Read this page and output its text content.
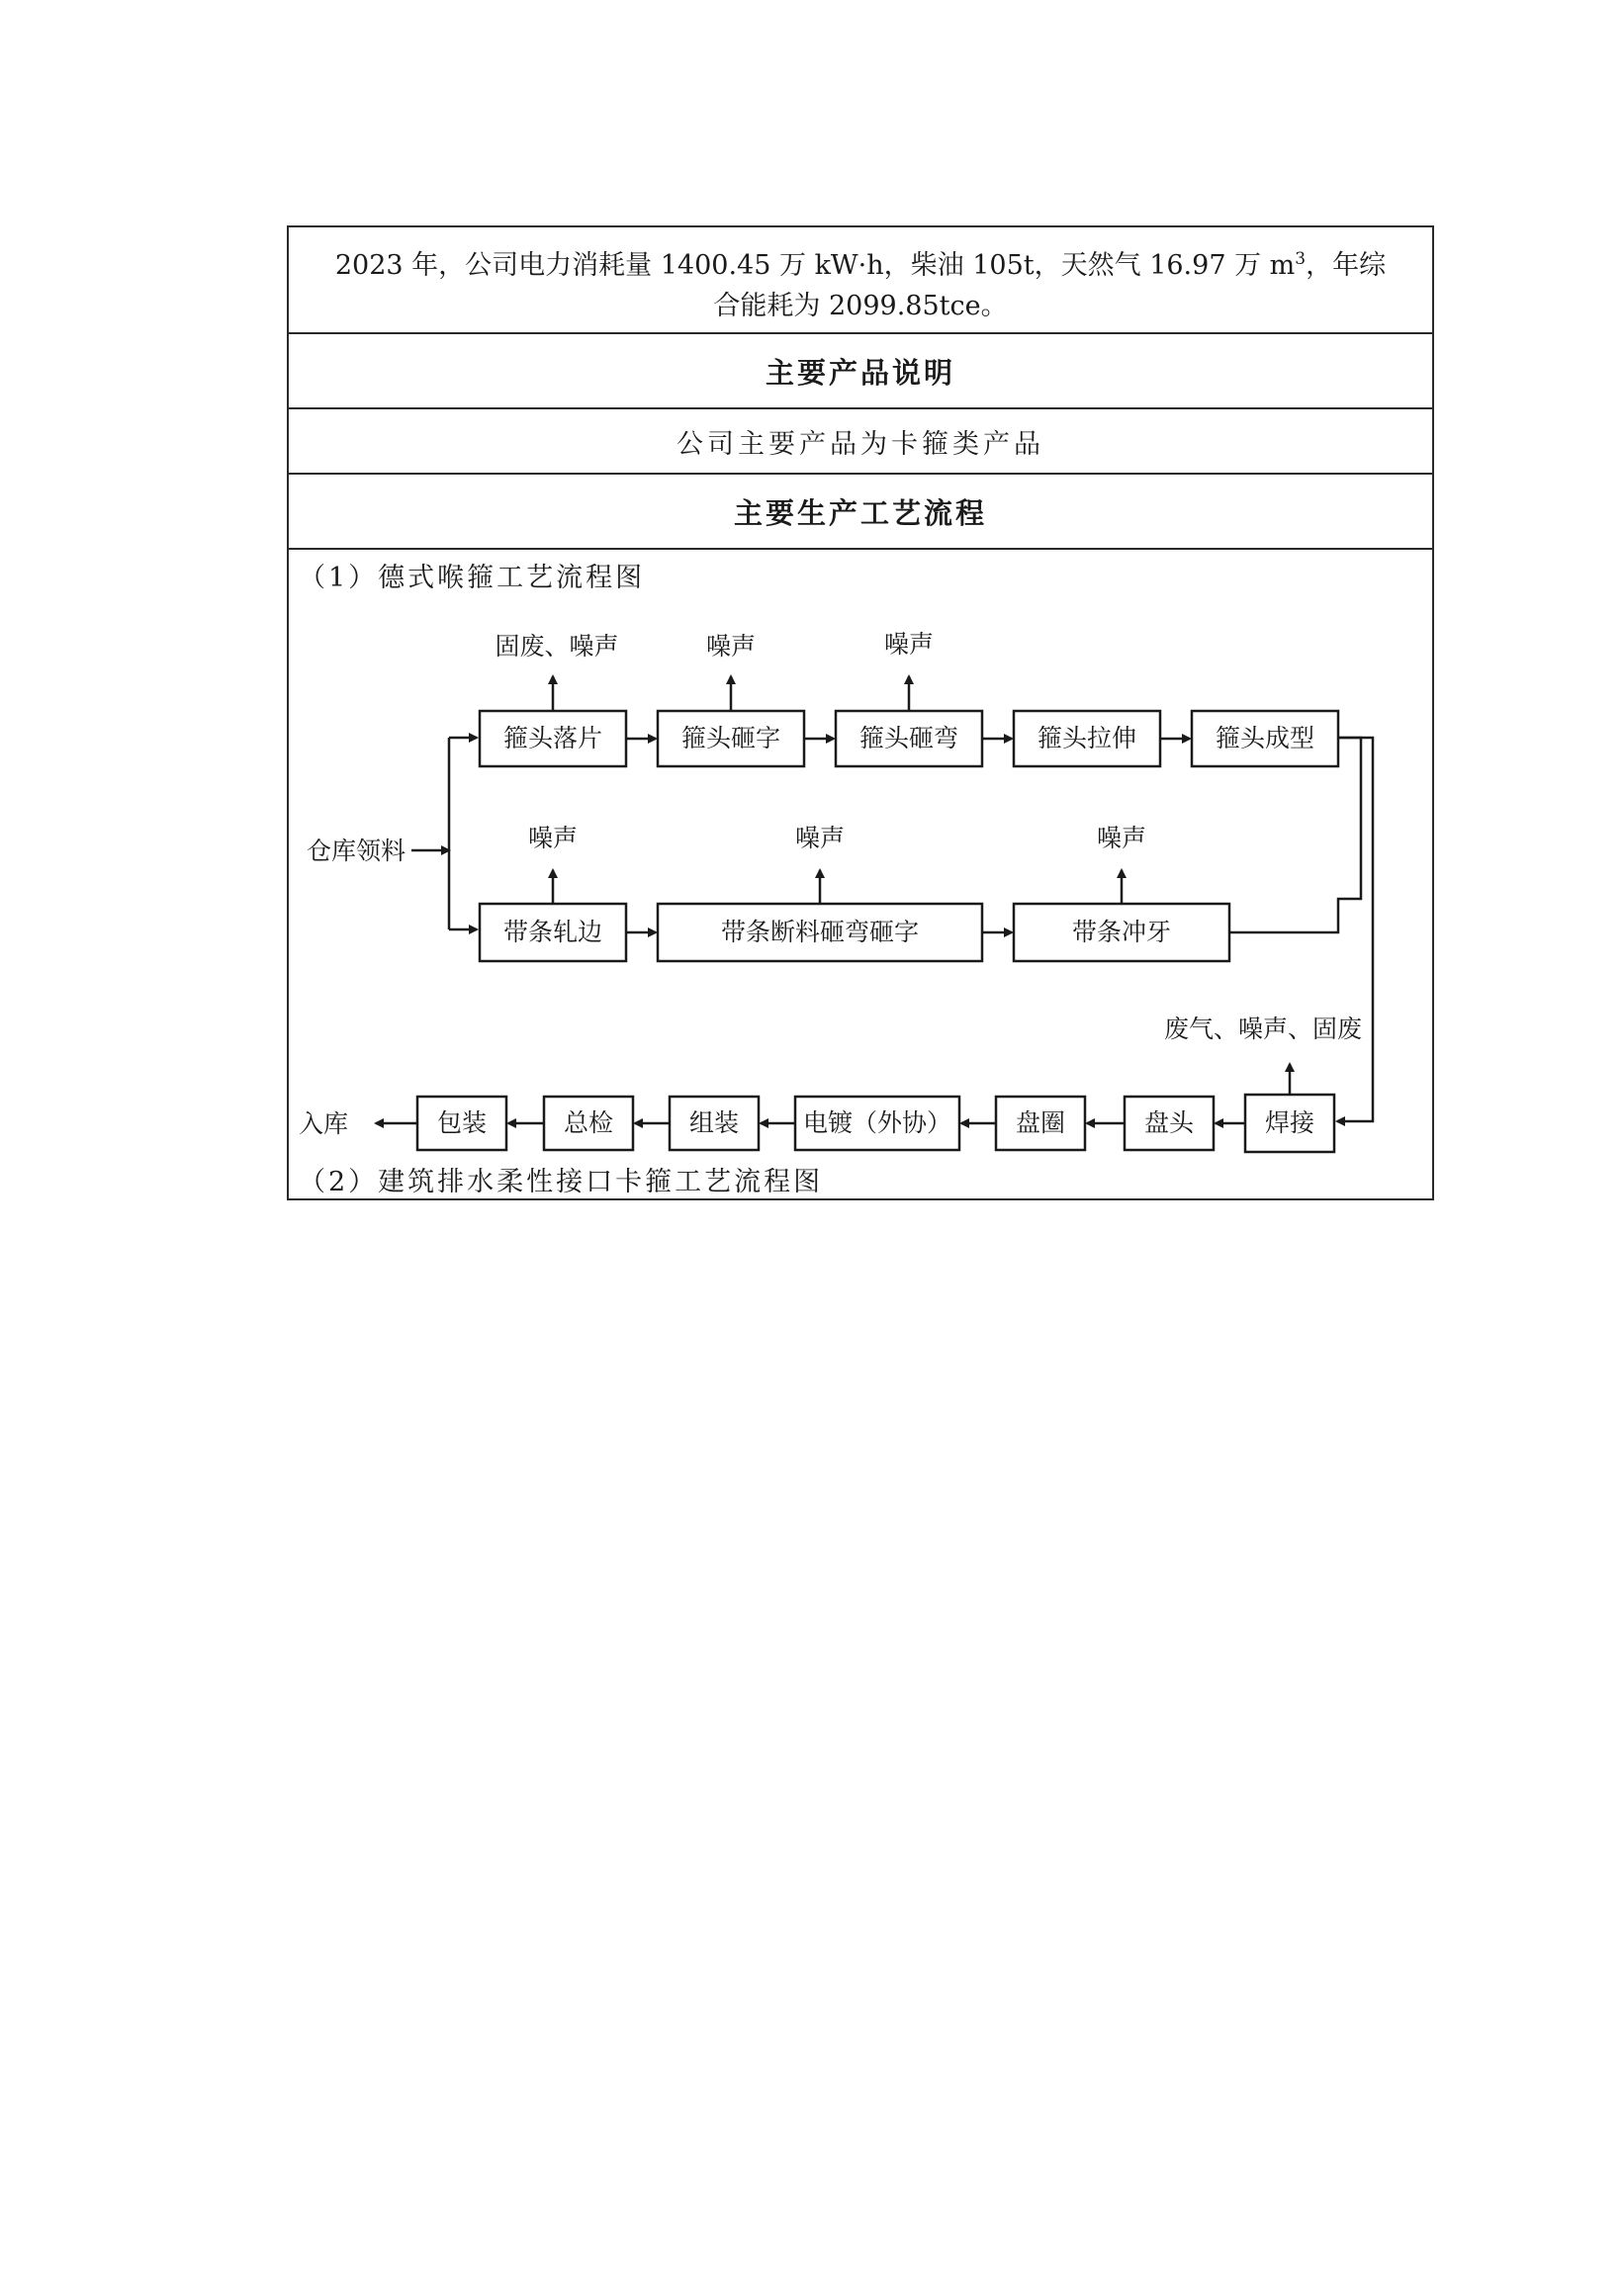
2023 年，公司电力消耗量 1400.45 万 kW·h，柴油 105t，天然气 16.97 万 $m^3$，年综
合能耗为 2099.85tce。
主要产品说明
公司主要产品为卡箍类产品
主要生产工艺流程
（1）德式喉箍工艺流程图
仓库领料
箍头落片	箍头砸字	箍头砸弯	箍头拉伸	箍头成型
固废、噪声	噪声	噪声
带条轧边	带条断料砸弯砸字	带条冲牙
噪声	噪声	噪声
焊接
盘头
盘圈
电镀（外协）
组装
总检
包装
入库
废气、噪声、固废
（2）建筑排水柔性接口卡箍工艺流程图
